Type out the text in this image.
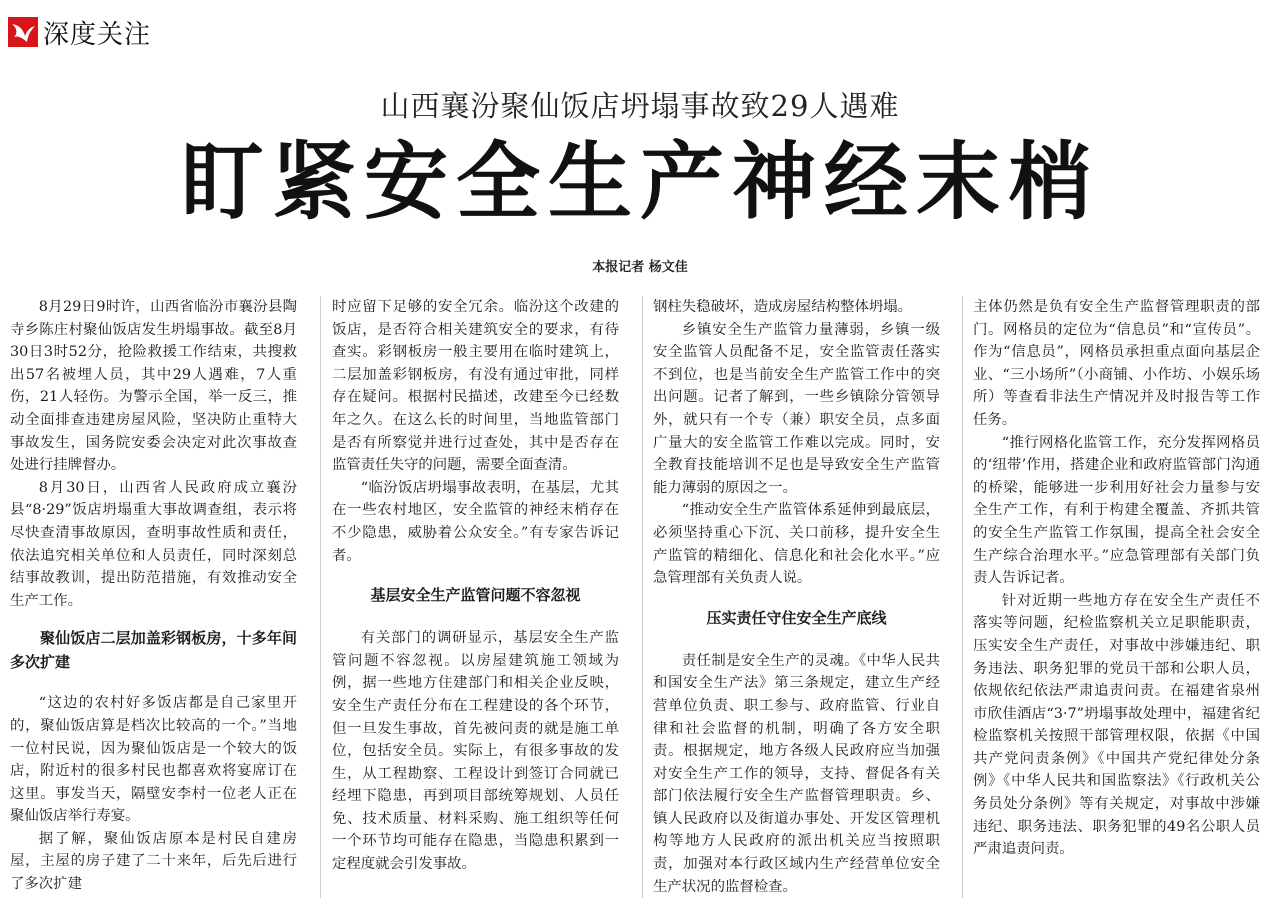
深度关注
山西襄汾聚仙饭店坍塌事故致29人遇难
盯紧安全生产神经末梢
本报记者 杨文佳

8月29日9时许，山西省临汾市襄汾县陶寺乡陈庄村聚仙饭店发生坍塌事故。截至8月30日3时52分，抢险救援工作结束，共搜救出57名被埋人员，其中29人遇难，7人重伤，21人轻伤。为警示全国，举一反三，推动全面排查违建房屋风险，坚决防止重特大事故发生，国务院安委会决定对此次事故查处进行挂牌督办。

8月30日，山西省人民政府成立襄汾县“8·29”饭店坍塌重大事故调查组，表示将尽快查清事故原因，查明事故性质和责任，依法追究相关单位和人员责任，同时深刻总结事故教训，提出防范措施，有效推动安全生产工作。

聚仙饭店二层加盖彩钢板房，十多年间多次扩建

“这边的农村好多饭店都是自己家里开的，聚仙饭店算是档次比较高的一个。”当地一位村民说，因为聚仙饭店是一个较大的饭店，附近村的很多村民也都喜欢将宴席订在这里。事发当天，隔壁安李村一位老人正在聚仙饭店举行寿宴。

据了解，聚仙饭店原本是村民自建房屋，主屋的房子建了二十来年，后先后进行了多次扩建

时应留下足够的安全冗余。临汾这个改建的饭店，是否符合相关建筑安全的要求，有待查实。彩钢板房一般主要用在临时建筑上，二层加盖彩钢板房，有没有通过审批，同样存在疑问。根据村民描述，改建至今已经数年之久。在这么长的时间里，当地监管部门是否有所察觉并进行过查处，其中是否存在监管责任失守的问题，需要全面查清。

“临汾饭店坍塌事故表明，在基层，尤其在一些农村地区，安全监管的神经末梢存在不少隐患，威胁着公众安全。”有专家告诉记者。

基层安全生产监管问题不容忽视

有关部门的调研显示，基层安全生产监管问题不容忽视。以房屋建筑施工领域为例，据一些地方住建部门和相关企业反映，安全生产责任分布在工程建设的各个环节，但一旦发生事故，首先被问责的就是施工单位，包括安全员。实际上，有很多事故的发生，从工程勘察、工程设计到签订合同就已经埋下隐患，再到项目部统筹规划、人员任免、技术质量、材料采购、施工组织等任何一个环节均可能存在隐患，当隐患积累到一定程度就会引发事故。

钢柱失稳破坏，造成房屋结构整体坍塌。

乡镇安全生产监管力量薄弱，乡镇一级安全监管人员配备不足，安全监管责任落实不到位，也是当前安全生产监管工作中的突出问题。记者了解到，一些乡镇除分管领导外，就只有一个专（兼）职安全员，点多面广量大的安全监管工作难以完成。同时，安全教育技能培训不足也是导致安全生产监管能力薄弱的原因之一。

“推动安全生产监管体系延伸到最底层，必须坚持重心下沉、关口前移，提升安全生产监管的精细化、信息化和社会化水平。”应急管理部有关负责人说。

压实责任守住安全生产底线

责任制是安全生产的灵魂。《中华人民共和国安全生产法》第三条规定，建立生产经营单位负责、职工参与、政府监管、行业自律和社会监督的机制，明确了各方安全职责。根据规定，地方各级人民政府应当加强对安全生产工作的领导，支持、督促各有关部门依法履行安全生产监督管理职责。乡、镇人民政府以及街道办事处、开发区管理机构等地方人民政府的派出机关应当按照职责，加强对本行政区域内生产经营单位安全生产状况的监督检查。

主体仍然是负有安全生产监督管理职责的部门。网格员的定位为“信息员”和“宣传员”。作为“信息员”，网格员承担重点面向基层企业、“三小场所”（小商铺、小作坊、小娱乐场所）等查看非法生产情况并及时报告等工作任务。

“推行网格化监管工作，充分发挥网格员的‘纽带’作用，搭建企业和政府监管部门沟通的桥梁，能够进一步利用好社会力量参与安全生产工作，有利于构建全覆盖、齐抓共管的安全生产监管工作氛围，提高全社会安全生产综合治理水平。”应急管理部有关部门负责人告诉记者。

针对近期一些地方存在安全生产责任不落实等问题，纪检监察机关立足职能职责，压实安全生产责任，对事故中涉嫌违纪、职务违法、职务犯罪的党员干部和公职人员，依规依纪依法严肃追责问责。在福建省泉州市欣佳酒店“3·7”坍塌事故处理中，福建省纪检监察机关按照干部管理权限，依据《中国共产党问责条例》《中国共产党纪律处分条例》《中华人民共和国监察法》《行政机关公务员处分条例》等有关规定，对事故中涉嫌违纪、职务违法、职务犯罪的49名公职人员严肃追责问责。
